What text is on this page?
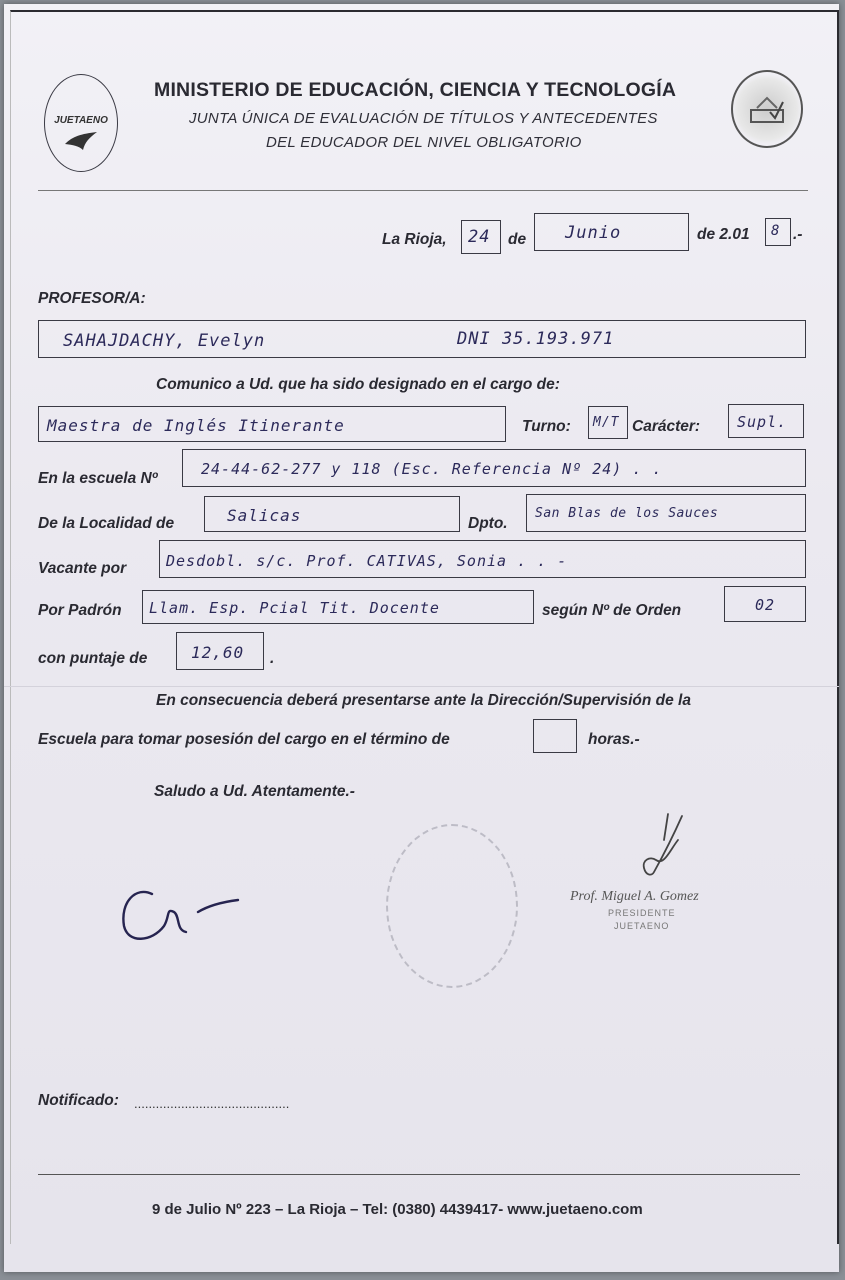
JUETAENO
MINISTERIO DE EDUCACIÓN, CIENCIA Y TECNOLOGÍA
JUNTA ÚNICA DE EVALUACIÓN DE TÍTULOS Y ANTECEDENTES
DEL EDUCADOR DEL NIVEL OBLIGATORIO
La Rioja, 24 de Junio	de 2.01 8 .-
PROFESOR/A:
SAHAJDACHY, Evelyn	DNI 35.193.971
Comunico a Ud. que ha sido designado en el cargo de:
Maestra de Inglés Itinerante	Turno: M/T Carácter: Supl.
En la escuela Nº
24-44-62-277 y 118 (Esc. Referencia Nº 24) . .
De la Localidad de	Salicas	Dpto.
San Blas de los Sauces
Vacante por	Desdobl. s/c. Prof. CATIVAS, Sonia . . -
Por Padrón Llam. Esp. Pcial Tit. Docente	según Nº de Orden	02
con puntaje de	12,60 .
En consecuencia deberá presentarse ante la Dirección/Supervisión de la
Escuela para tomar posesión del cargo en el término de	horas.-
Saludo a Ud. Atentamente.-
Prof. Miguel A. Gomez
PRESIDENTE
JUETAENO
Notificado: ...........................................
9 de Julio Nº 223 – La Rioja – Tel: (0380) 4439417- www.juetaeno.com
